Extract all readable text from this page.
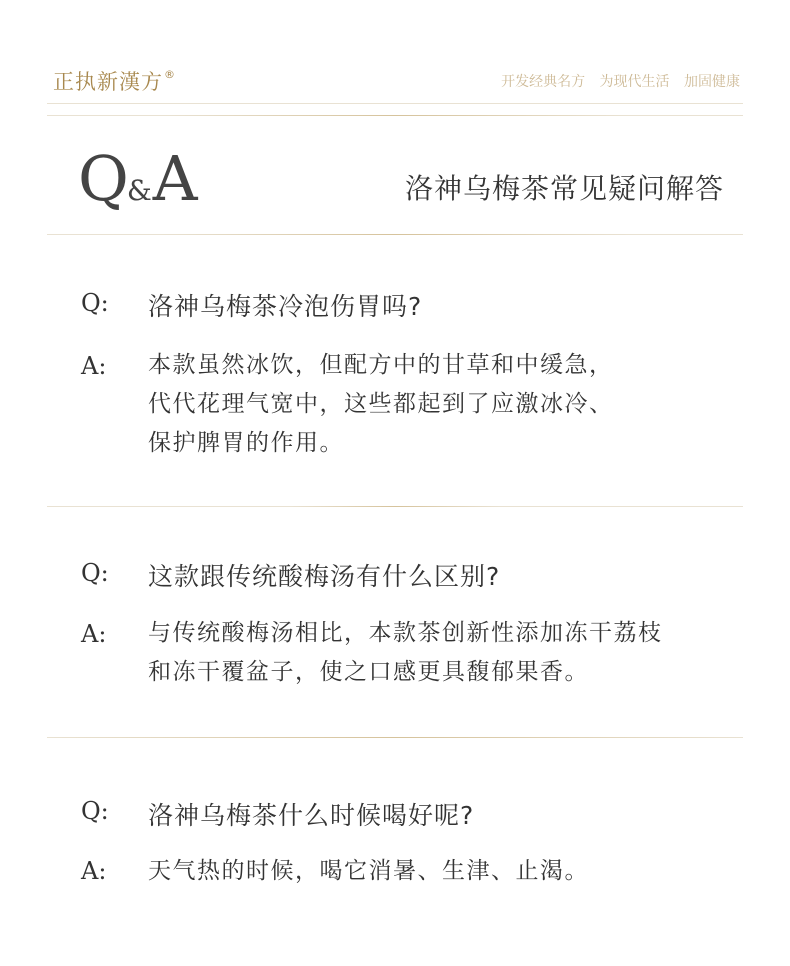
正执新漢方®	开发经典名方 为现代生活 加固健康
Q&A	洛神乌梅茶常见疑问解答
Q: 洛神乌梅茶冷泡伤胃吗?
A: 本款虽然冰饮，但配方中的甘草和中缓急，
代代花理气宽中，这些都起到了应激冰冷、
保护脾胃的作用。
Q: 这款跟传统酸梅汤有什么区别?
A: 与传统酸梅汤相比，本款茶创新性添加冻干荔枝
和冻干覆盆子，使之口感更具馥郁果香。
Q: 洛神乌梅茶什么时候喝好呢?
A: 天气热的时候，喝它消暑、生津、止渴。
